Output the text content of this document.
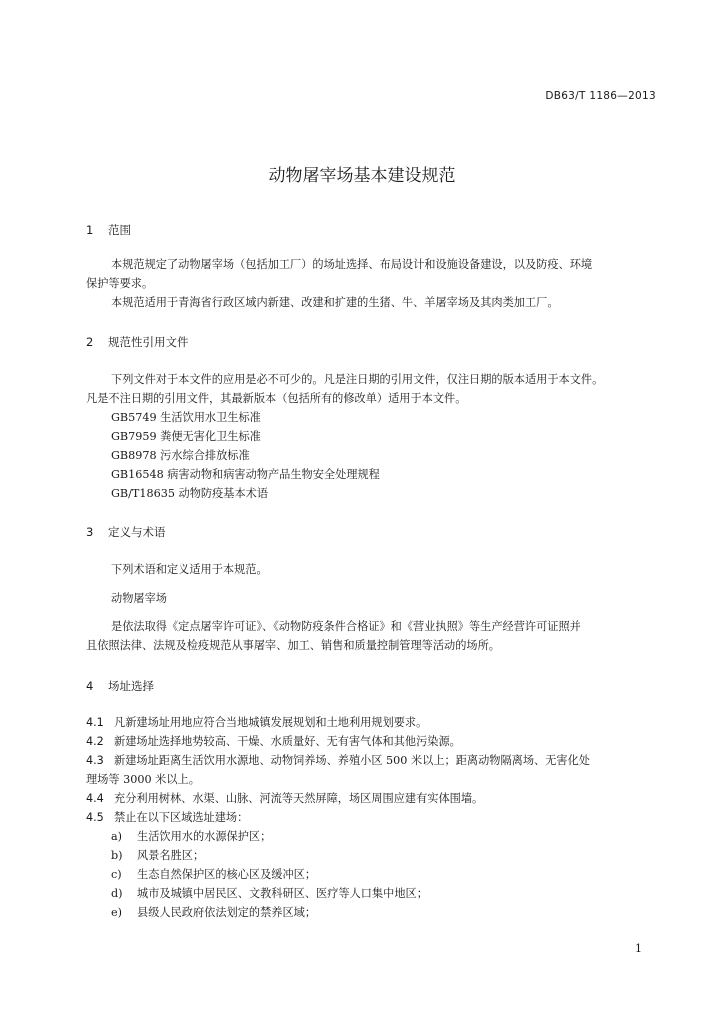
DB63/T 1186—2013
动物屠宰场基本建设规范
1 范围
本规范规定了动物屠宰场（包括加工厂）的场址选择、布局设计和设施设备建设，以及防疫、环境
保护等要求。
本规范适用于青海省行政区域内新建、改建和扩建的生猪、牛、羊屠宰场及其肉类加工厂。
2 规范性引用文件
下列文件对于本文件的应用是必不可少的。凡是注日期的引用文件，仅注日期的版本适用于本文件。
凡是不注日期的引用文件，其最新版本（包括所有的修改单）适用于本文件。
GB5749 生活饮用水卫生标准
GB7959 粪便无害化卫生标准
GB8978 污水综合排放标准
GB16548 病害动物和病害动物产品生物安全处理规程
GB/T18635 动物防疫基本术语
3 定义与术语
下列术语和定义适用于本规范。
动物屠宰场
是依法取得《定点屠宰许可证》、《动物防疫条件合格证》和《营业执照》等生产经营许可证照并
且依照法律、法规及检疫规范从事屠宰、加工、销售和质量控制管理等活动的场所。
4 场址选择
4.1 凡新建场址用地应符合当地城镇发展规划和土地利用规划要求。
4.2 新建场址选择地势较高、干燥、水质量好、无有害气体和其他污染源。
4.3 新建场址距离生活饮用水源地、动物饲养场、养殖小区 500 米以上；距离动物隔离场、无害化处
理场等 3000 米以上。
4.4 充分利用树林、水渠、山脉、河流等天然屏障，场区周围应建有实体围墙。
4.5 禁止在以下区域选址建场：
a) 生活饮用水的水源保护区；
b) 风景名胜区；
c) 生态自然保护区的核心区及缓冲区；
d) 城市及城镇中居民区、文教科研区、医疗等人口集中地区；
e) 县级人民政府依法划定的禁养区域；
1
